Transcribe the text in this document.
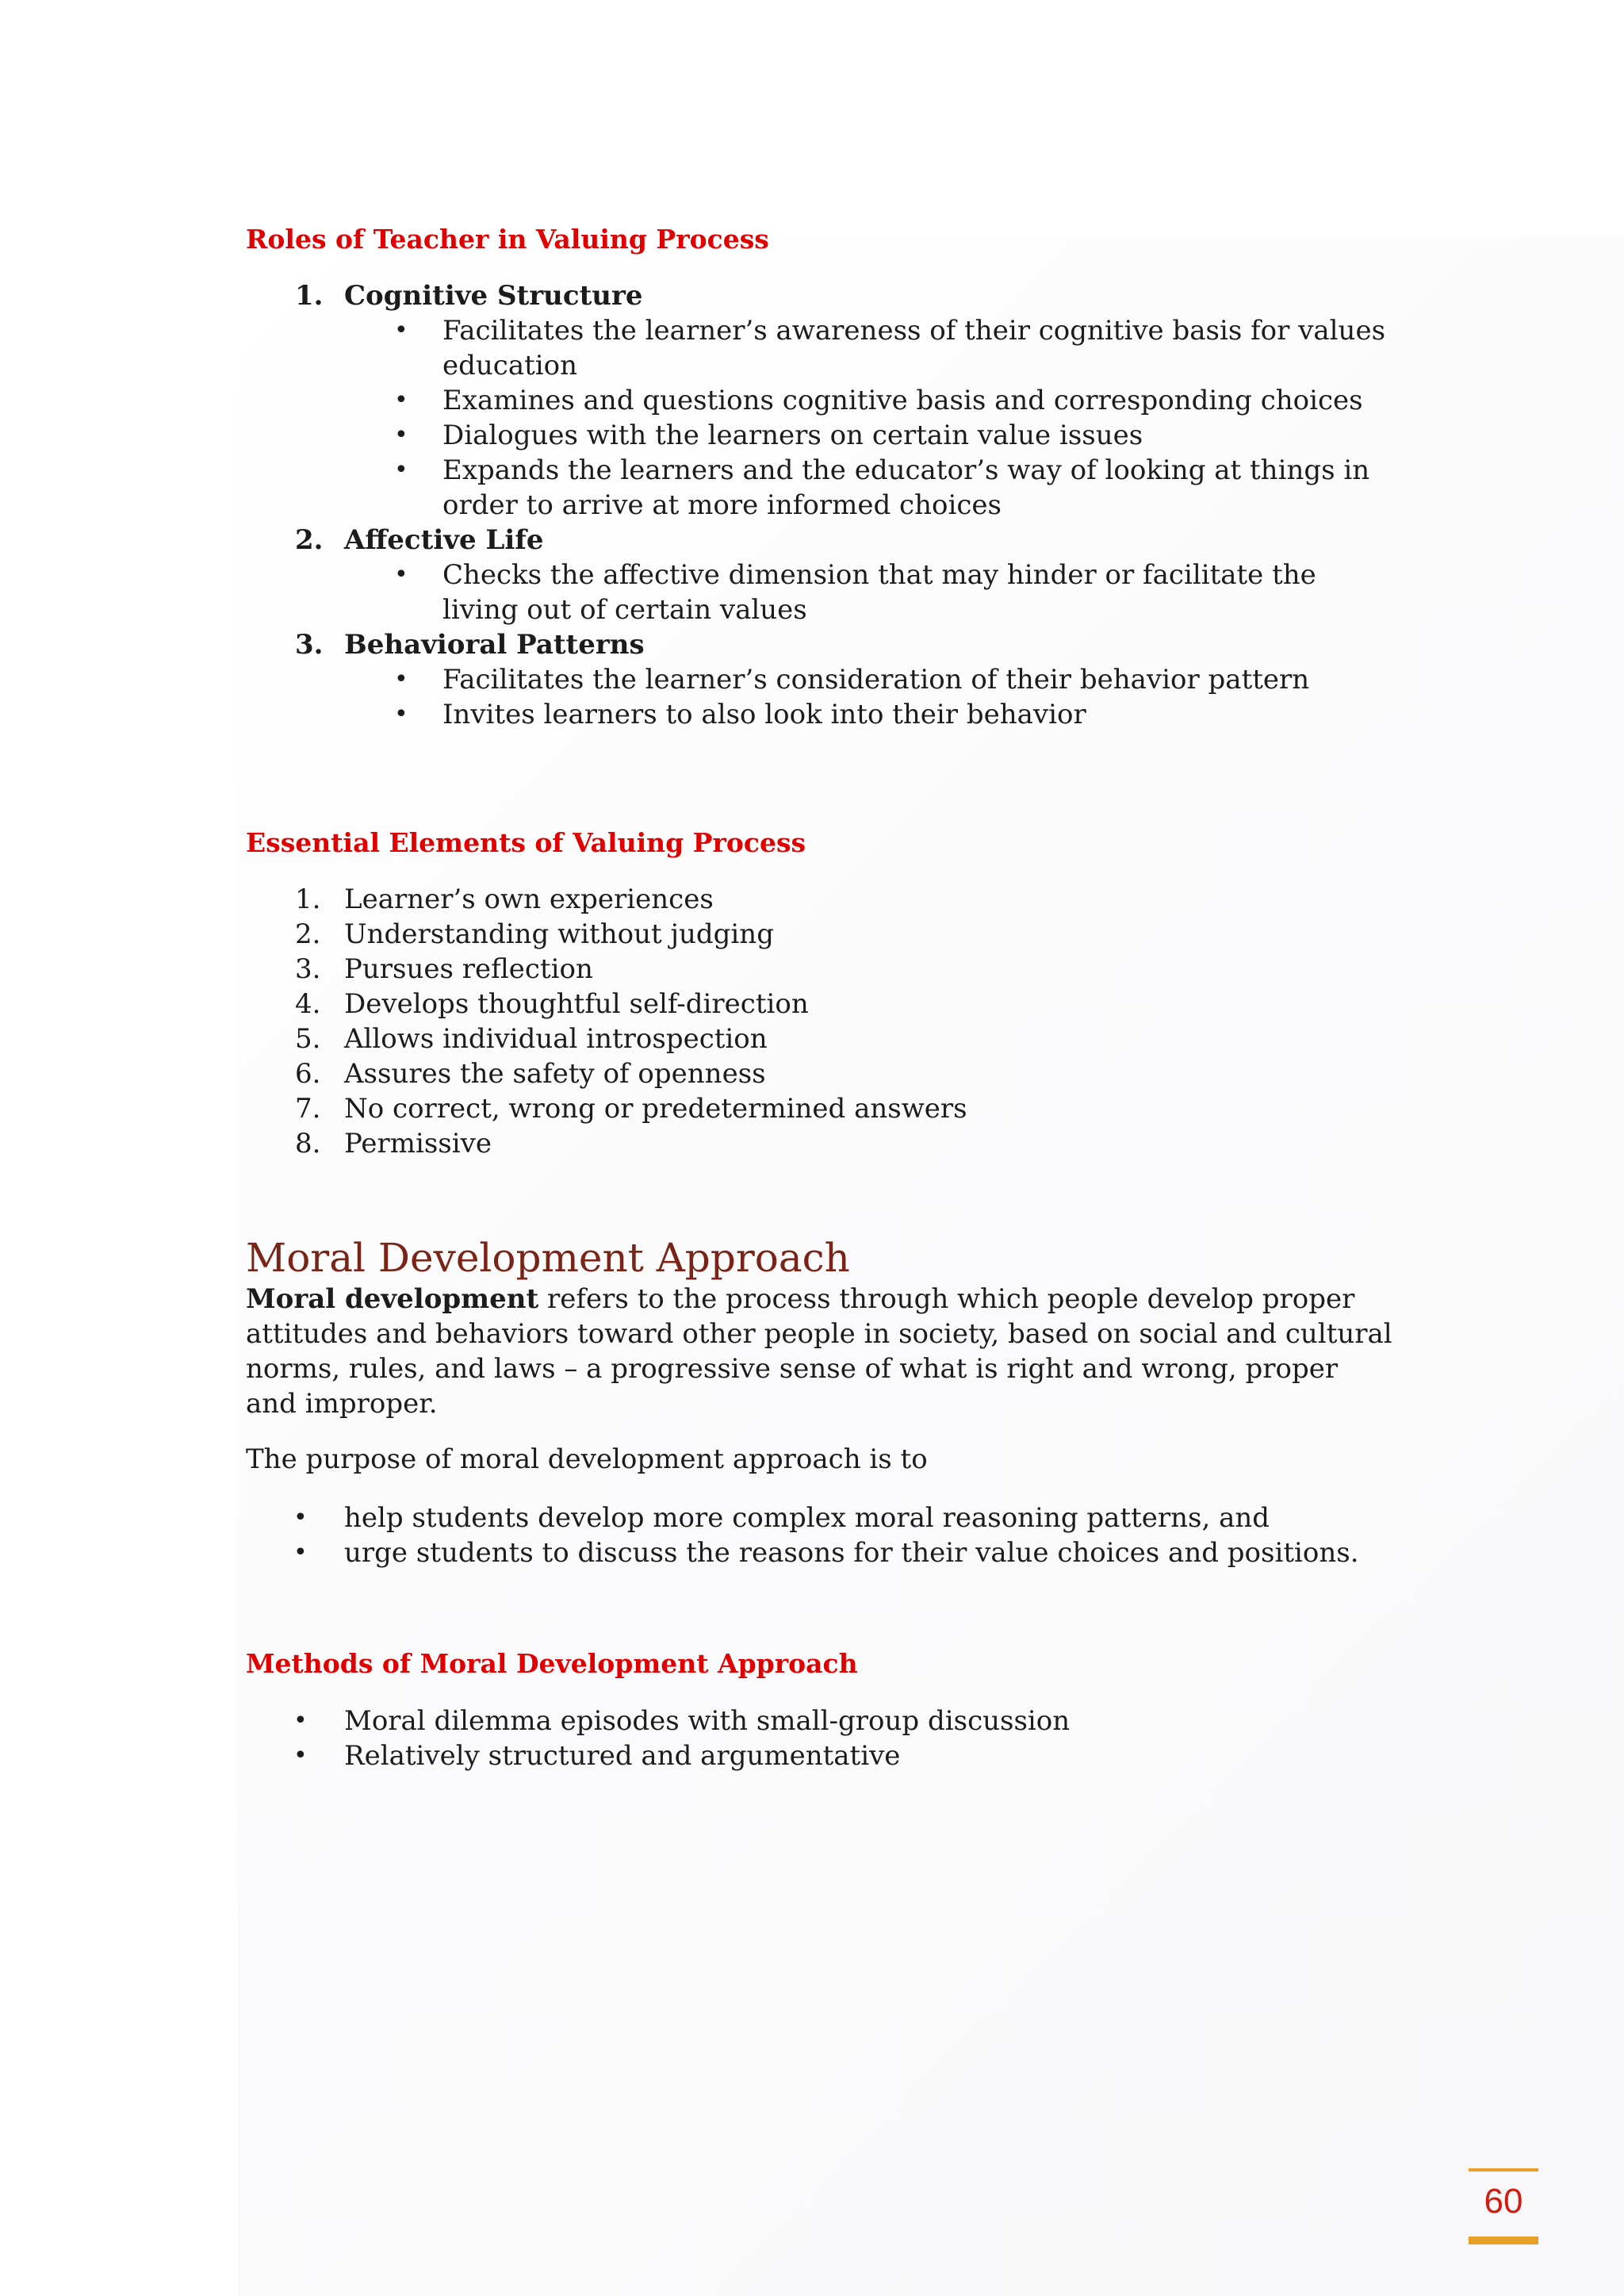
Roles of Teacher in Valuing Process
1. Cognitive Structure
• Facilitates the learner’s awareness of their cognitive basis for values education
• Examines and questions cognitive basis and corresponding choices
• Dialogues with the learners on certain value issues
• Expands the learners and the educator’s way of looking at things in order to arrive at more informed choices
2. Affective Life
• Checks the affective dimension that may hinder or facilitate the living out of certain values
3. Behavioral Patterns
• Facilitates the learner’s consideration of their behavior pattern
• Invites learners to also look into their behavior
Essential Elements of Valuing Process
1. Learner’s own experiences
2. Understanding without judging
3. Pursues reflection
4. Develops thoughtful self-direction
5. Allows individual introspection
6. Assures the safety of openness
7. No correct, wrong or predetermined answers
8. Permissive
Moral Development Approach

Moral development refers to the process through which people develop proper attitudes and behaviors toward other people in society, based on social and cultural norms, rules, and laws – a progressive sense of what is right and wrong, proper and improper.

The purpose of moral development approach is to

• help students develop more complex moral reasoning patterns, and
• urge students to discuss the reasons for their value choices and positions.
Methods of Moral Development Approach
• Moral dilemma episodes with small-group discussion
• Relatively structured and argumentative
60
